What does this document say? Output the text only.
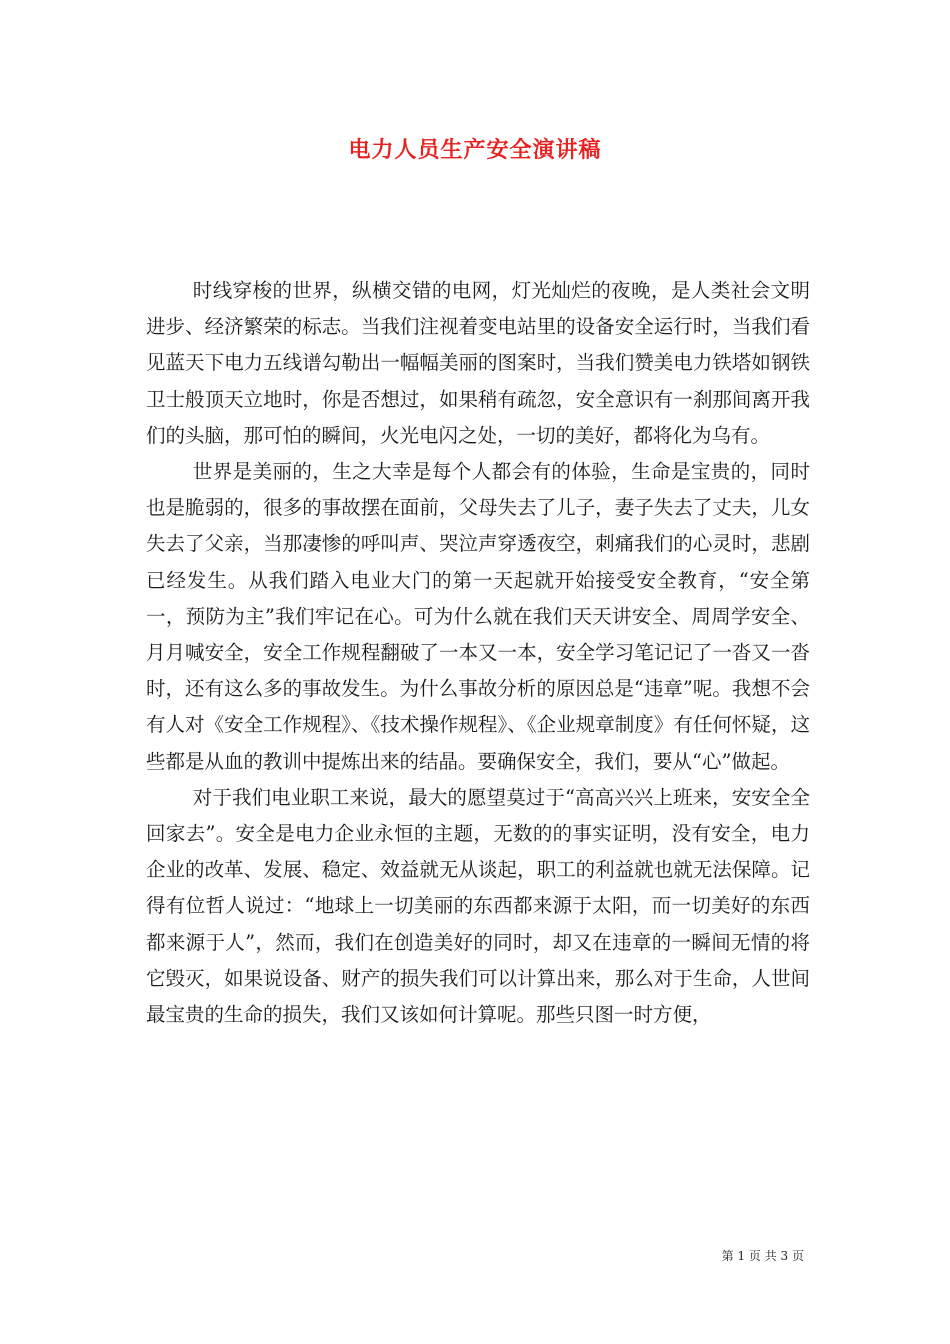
电力人员生产安全演讲稿

时线穿梭的世界，纵横交错的电网，灯光灿烂的夜晚，是人类社会文明进步、经济繁荣的标志。当我们注视着变电站里的设备安全运行时，当我们看见蓝天下电力五线谱勾勒出一幅幅美丽的图案时，当我们赞美电力铁塔如钢铁卫士般顶天立地时，你是否想过，如果稍有疏忽，安全意识有一刹那间离开我们的头脑，那可怕的瞬间，火光电闪之处，一切的美好，都将化为乌有。

世界是美丽的，生之大幸是每个人都会有的体验，生命是宝贵的，同时也是脆弱的，很多的事故摆在面前，父母失去了儿子，妻子失去了丈夫，儿女失去了父亲，当那凄惨的呼叫声、哭泣声穿透夜空，刺痛我们的心灵时，悲剧已经发生。从我们踏入电业大门的第一天起就开始接受安全教育，“安全第一，预防为主”我们牢记在心。可为什么就在我们天天讲安全、周周学安全、月月喊安全，安全工作规程翻破了一本又一本，安全学习笔记记了一沓又一沓时，还有这么多的事故发生。为什么事故分析的原因总是“违章”呢。我想不会有人对《安全工作规程》、《技术操作规程》、《企业规章制度》有任何怀疑，这些都是从血的教训中提炼出来的结晶。要确保安全，我们，要从“心”做起。

对于我们电业职工来说，最大的愿望莫过于“高高兴兴上班来，安安全全回家去”。安全是电力企业永恒的主题，无数的的事实证明，没有安全，电力企业的改革、发展、稳定、效益就无从谈起，职工的利益就也就无法保障。记得有位哲人说过：“地球上一切美丽的东西都来源于太阳，而一切美好的东西都来源于人”，然而，我们在创造美好的同时，却又在违章的一瞬间无情的将它毁灭，如果说设备、财产的损失我们可以计算出来，那么对于生命，人世间最宝贵的生命的损失，我们又该如何计算呢。那些只图一时方便，

第 1 页 共 3 页
